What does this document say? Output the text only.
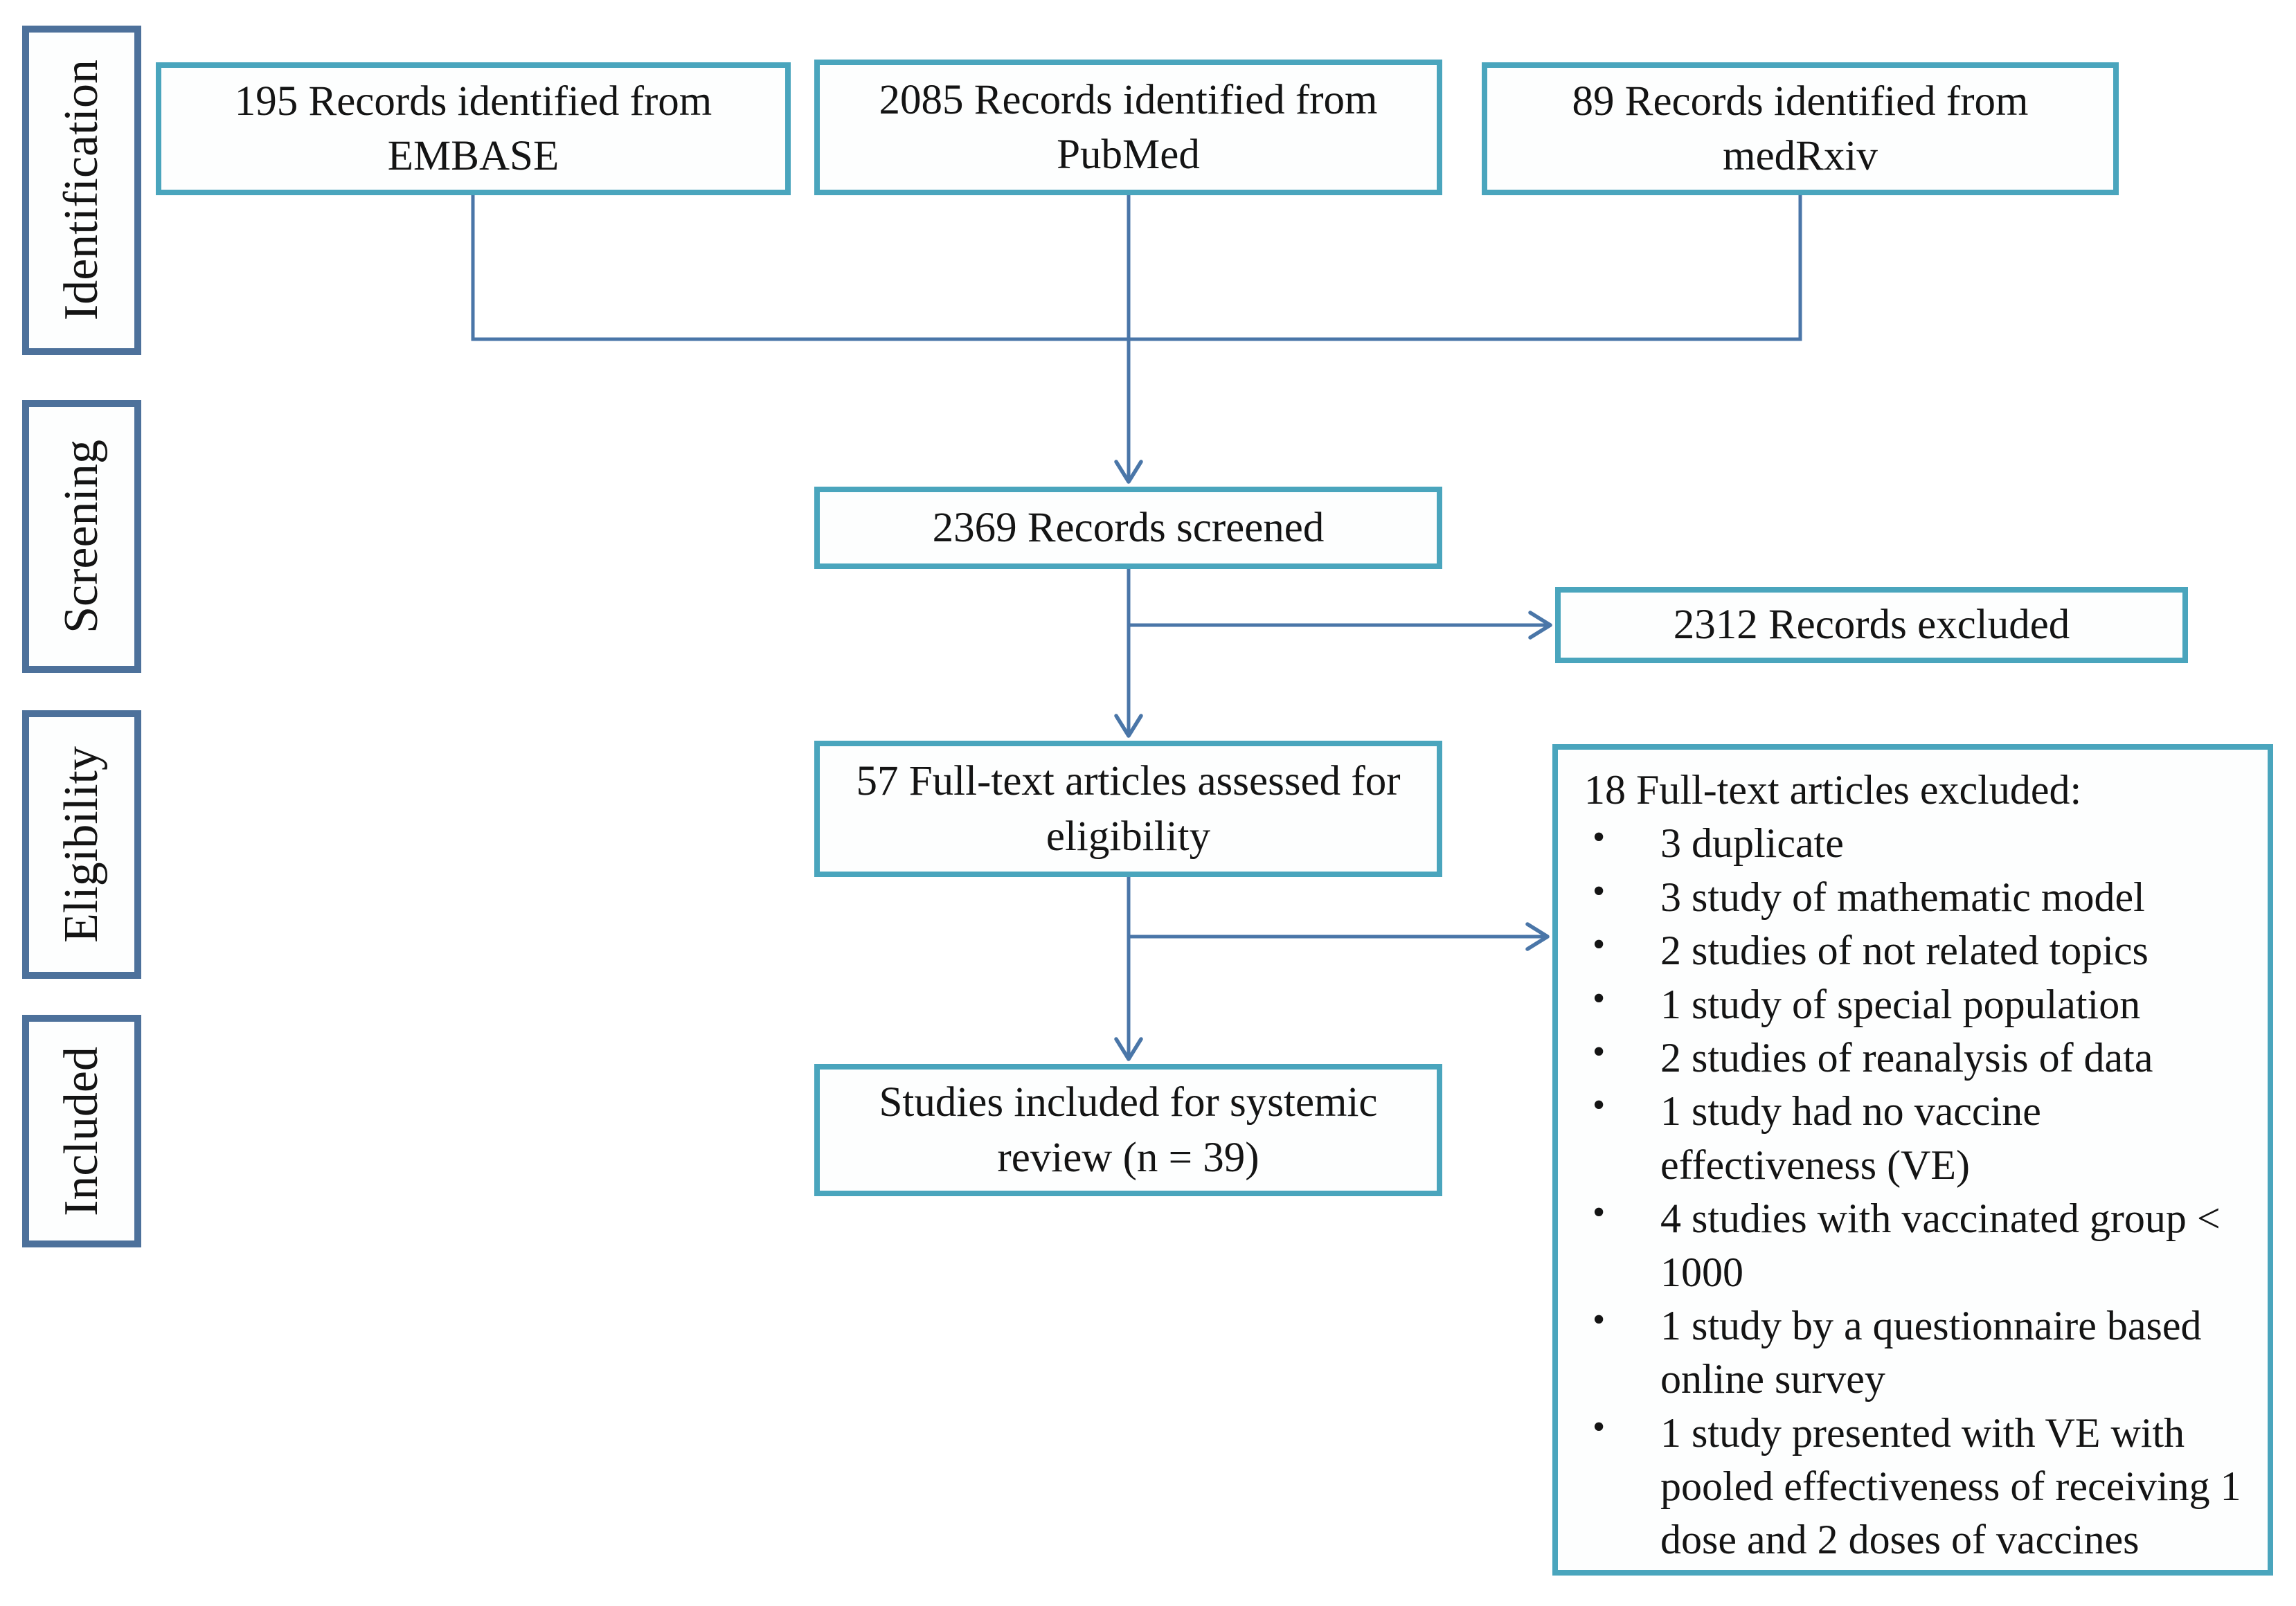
Identification
Screening
Eligibility
Included
195 Records identified from EMBASE
2085 Records identified from PubMed
89 Records identified from medRxiv
2369 Records screened
2312 Records excluded
57 Full-text articles assessed for eligibility
Studies included for systemic review (n = 39)
18 Full-text articles excluded:
• 3 duplicate
• 3 study of mathematic model
• 2 studies of not related topics
• 1 study of special population
• 2 studies of reanalysis of data
• 1 study had no vaccine effectiveness (VE)
• 4 studies with vaccinated group < 1000
• 1 study by a questionnaire based online survey
• 1 study presented with VE with pooled effectiveness of receiving 1 dose and 2 doses of vaccines
